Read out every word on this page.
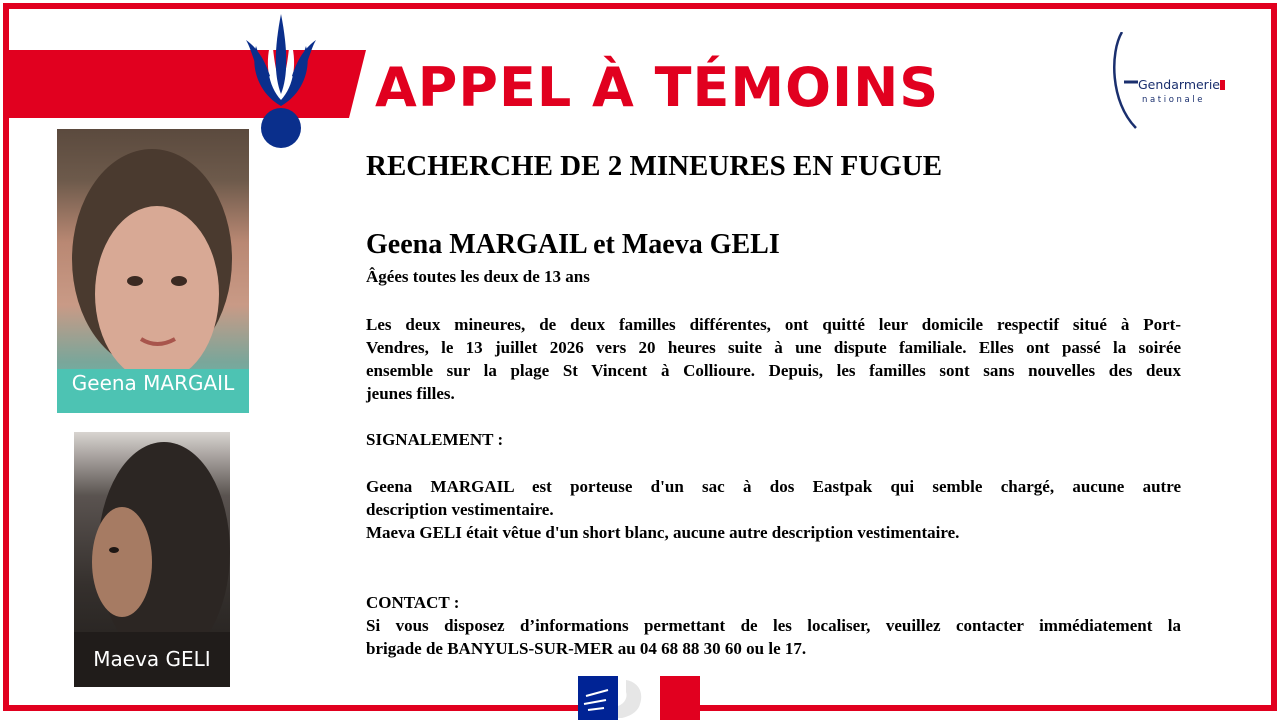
APPEL À TÉMOINS	Gendarmerie
nationale
Geena MARGAIL
Maeva GELI
RECHERCHE DE 2 MINEURES EN FUGUE
Geena MARGAIL et Maeva GELI
Âgées toutes les deux de 13 ans
Les deux mineures, de deux familles différentes, ont quitté leur domicile respectif situé à Port-
Vendres, le 13 juillet 2026 vers 20 heures suite à une dispute familiale. Elles ont passé la soirée
ensemble sur la plage St Vincent à Collioure. Depuis, les familles sont sans nouvelles des deux
jeunes filles.
SIGNALEMENT :
Geena MARGAIL est porteuse d'un sac à dos Eastpak qui semble chargé, aucune autre
description vestimentaire.
Maeva GELI était vêtue d'un short blanc, aucune autre description vestimentaire.
CONTACT :
Si vous disposez d’informations permettant de les localiser, veuillez contacter immédiatement la
brigade de BANYULS-SUR-MER au 04 68 88 30 60 ou le 17.
